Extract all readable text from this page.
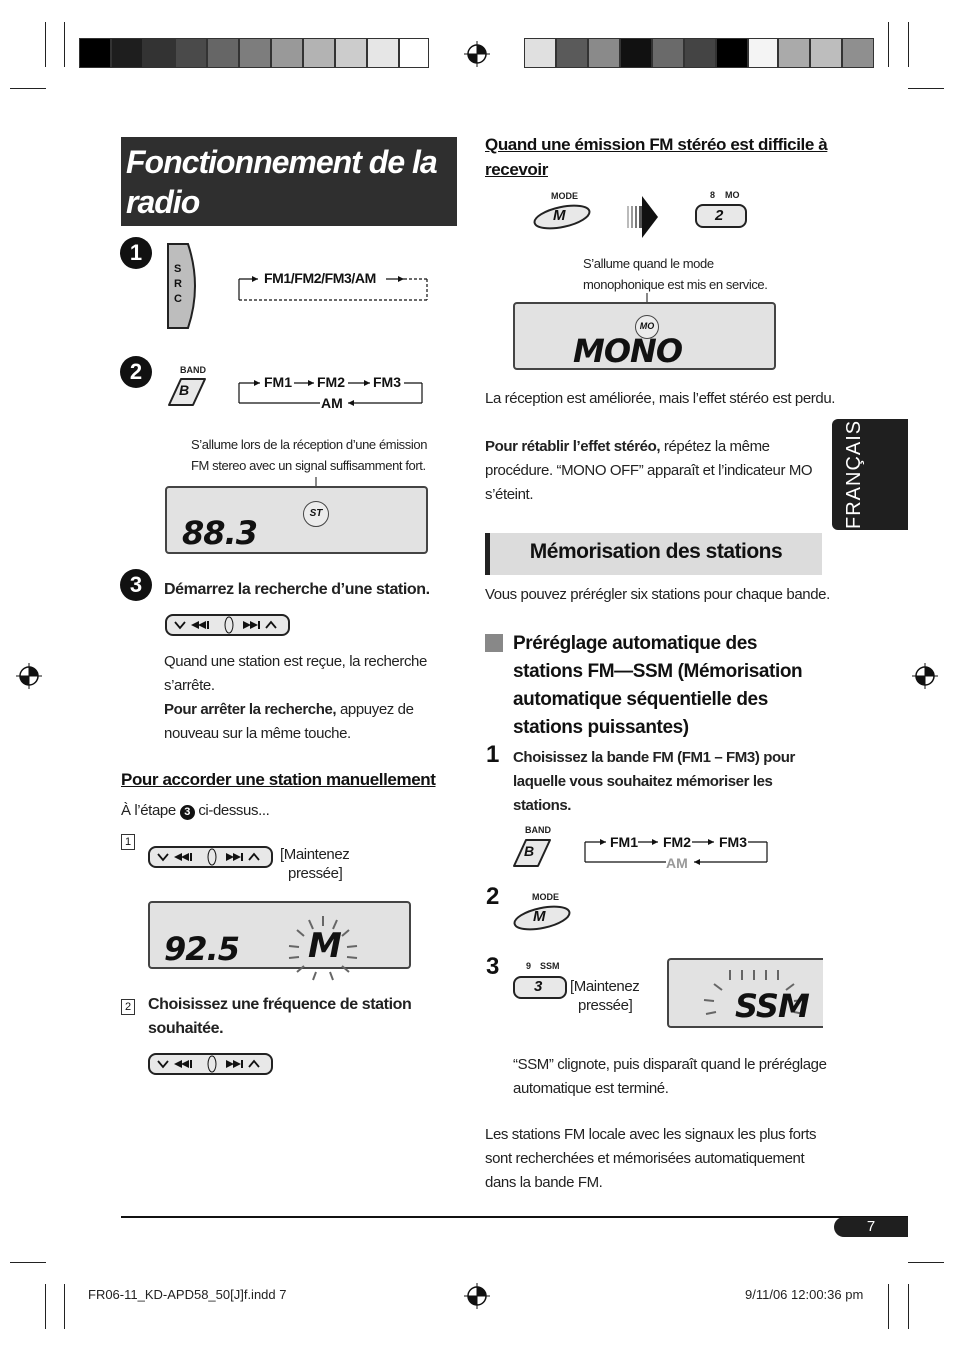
Fonctionnement de la radio
1
S
R
C
FM1/FM2/FM3/AM
2	BAND
B	FM1 FM2 FM3
AM
S’allume lors de la réception d’une émission
FM stereo avec un signal suffisamment fort.
ST
88.3
3	Démarrez la recherche d’une station.
Quand une station est reçue, la recherche
s’arrête.
Pour arrêter la recherche, appuyez de
nouveau sur la même touche.
Pour accorder une station manuellement
À l’étape 3 ci-dessus...
1
[Maintenez
pressée]
92.5 M
2 Choisissez une fréquence de station
souhaitée.
Quand une émission FM stéréo est difficile à
recevoir
MODE
M
8 MO
2
S’allume quand le mode
monophonique est mis en service.
MO
MONO
La réception est améliorée, mais l’effet stéréo est perdu.
Pour rétablir l’effet stéréo, répétez la même
procédure. “MONO OFF” apparaît et l’indicateur MO
s’éteint.	FRANÇAIS
Mémorisation des stations
Vous pouvez prérégler six stations pour chaque bande.
Préréglage automatique des
stations FM—SSM (Mémorisation
automatique séquentielle des
stations puissantes)
1 Choisissez la bande FM (FM1 – FM3) pour
laquelle vous souhaitez mémoriser les
stations.
BAND
B
FM1 FM2 FM3
AM
2	MODE
M
3	9 SSM
3 [Maintenez
pressée]	SSM
“SSM” clignote, puis disparaît quand le préréglage
automatique est terminé.
Les stations FM locale avec les signaux les plus forts
sont recherchées et mémorisées automatiquement
dans la bande FM.
7
FR06-11_KD-APD58_50[J]f.indd 7	9/11/06 12:00:36 pm
